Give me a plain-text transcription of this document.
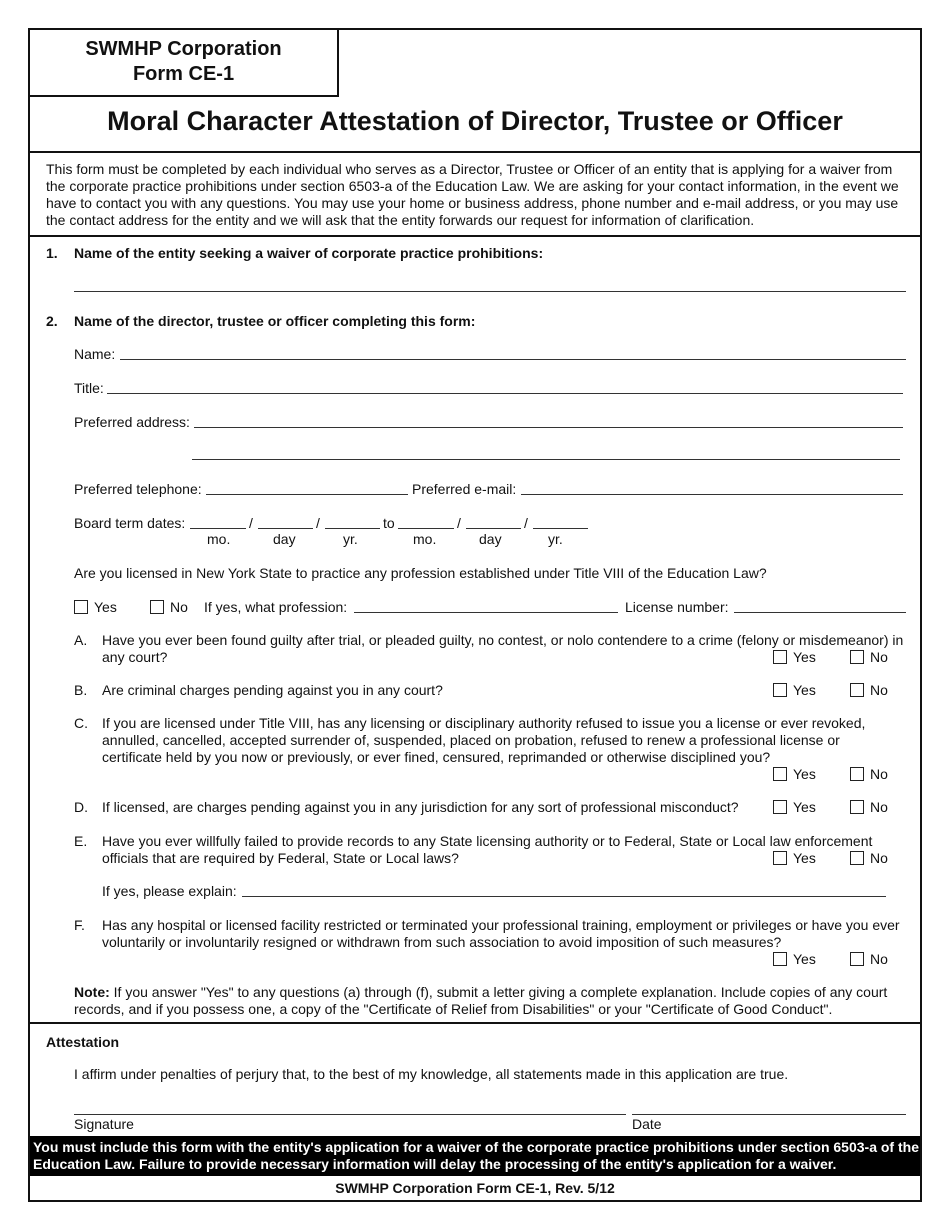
SWMHP Corporation
Form CE-1
Moral Character Attestation of Director, Trustee or Officer
This form must be completed by each individual who serves as a Director, Trustee or Officer of an entity that is applying for a waiver from the corporate practice prohibitions under section 6503-a of the Education Law. We are asking for your contact information, in the event we have to contact you with any questions. You may use your home or business address, phone number and e-mail address, or you may use the contact address for the entity and we will ask that the entity forwards our request for information of clarification.
1. Name of the entity seeking a waiver of corporate practice prohibitions:
2. Name of the director, trustee or officer completing this form:
Name:
Title:
Preferred address:
Preferred telephone:	Preferred e-mail:
Board term dates:	/	/	to	/	/
mo.	day	yr.	mo.	day	yr.
Are you licensed in New York State to practice any profession established under Title VIII of the Education Law?
Yes	No If yes, what profession:	License number:
A. Have you ever been found guilty after trial, or pleaded guilty, no contest, or nolo contendere to a crime (felony or misdemeanor) in any court?	Yes	No
B. Are criminal charges pending against you in any court?	Yes	No
C. If you are licensed under Title VIII, has any licensing or disciplinary authority refused to issue you a license or ever revoked, annulled, cancelled, accepted surrender of, suspended, placed on probation, refused to renew a professional license or certificate held by you now or previously, or ever fined, censured, reprimanded or otherwise disciplined you?
Yes	No
D. If licensed, are charges pending against you in any jurisdiction for any sort of professional misconduct?	Yes	No
E. Have you ever willfully failed to provide records to any State licensing authority or to Federal, State or Local law enforcement officials that are required by Federal, State or Local laws?	Yes	No
If yes, please explain:
F. Has any hospital or licensed facility restricted or terminated your professional training, employment or privileges or have you ever voluntarily or involuntarily resigned or withdrawn from such association to avoid imposition of such measures?
Yes	No
Note: If you answer "Yes" to any questions (a) through (f), submit a letter giving a complete explanation. Include copies of any court records, and if you possess one, a copy of the "Certificate of Relief from Disabilities" or your "Certificate of Good Conduct".
Attestation
I affirm under penalties of perjury that, to the best of my knowledge, all statements made in this application are true.
Signature	Date
You must include this form with the entity's application for a waiver of the corporate practice prohibitions under section 6503-a of the Education Law. Failure to provide necessary information will delay the processing of the entity's application for a waiver.
SWMHP Corporation Form CE-1, Rev. 5/12
